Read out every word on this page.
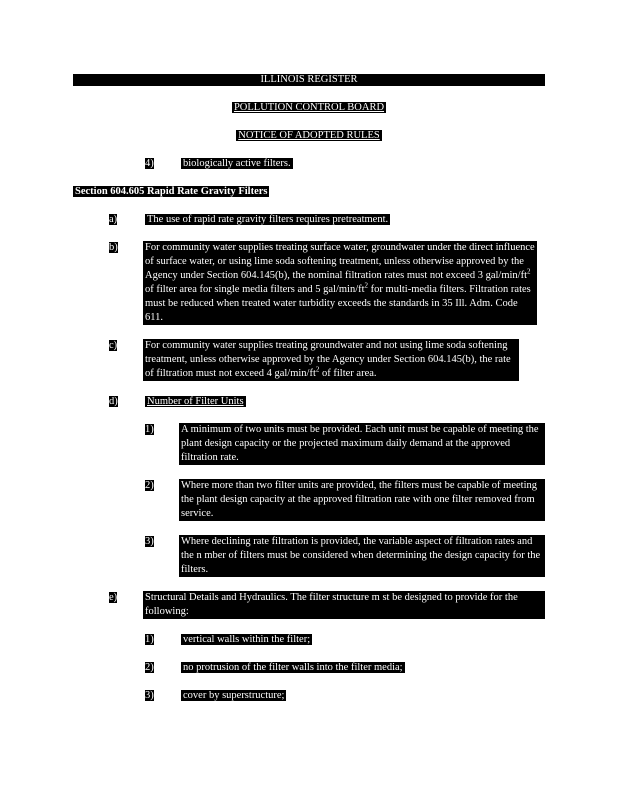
ILLINOIS REGISTER
POLLUTION CONTROL BOARD
NOTICE OF ADOPTED RULES
4)	biologically active filters.
Section 604.605 Rapid Rate Gravity Filters
a)	The use of rapid rate gravity filters requires pretreatment.
b)	For community water supplies treating surface water, groundwater under the direct influence of surface water, or using lime soda softening treatment, unless otherwise approved by the Agency under Section 604.145(b), the nominal filtration rates must not exceed 3 gal/$\min/ft^2$ of filter area for single media filters and 5 gal/$\min/ft^2$ for multi-media filters. Filtration rates must be reduced when treated water turbidity exceeds the standards in 35 Ill. Adm. Code 611.
c)	For community water supplies treating groundwater and not using lime soda softening treatment, unless otherwise approved by the Agency under Section 604.145(b), the rate of filtration must not exceed 4 gal/$\min/ft^2$ of filter area.
d)	Number of Filter Units
1)	A minimum of two units must be provided. Each unit must be capable of meeting the plant design capacity or the projected maximum daily demand at the approved filtration rate.
2)	Where more than two filter units are provided, the filters must be capable of meeting the plant design capacity at the approved filtration rate with one filter removed from service.
3)	Where declining rate filtration is provided, the variable aspect of filtration rates and the n mber of filters must be considered when determining the design capacity for the filters.
e)	Structural Details and Hydraulics. The filter structure m st be designed to provide for the following:
1)	vertical walls within the filter;
2)	no protrusion of the filter walls into the filter media;
3)	cover by superstructure;
